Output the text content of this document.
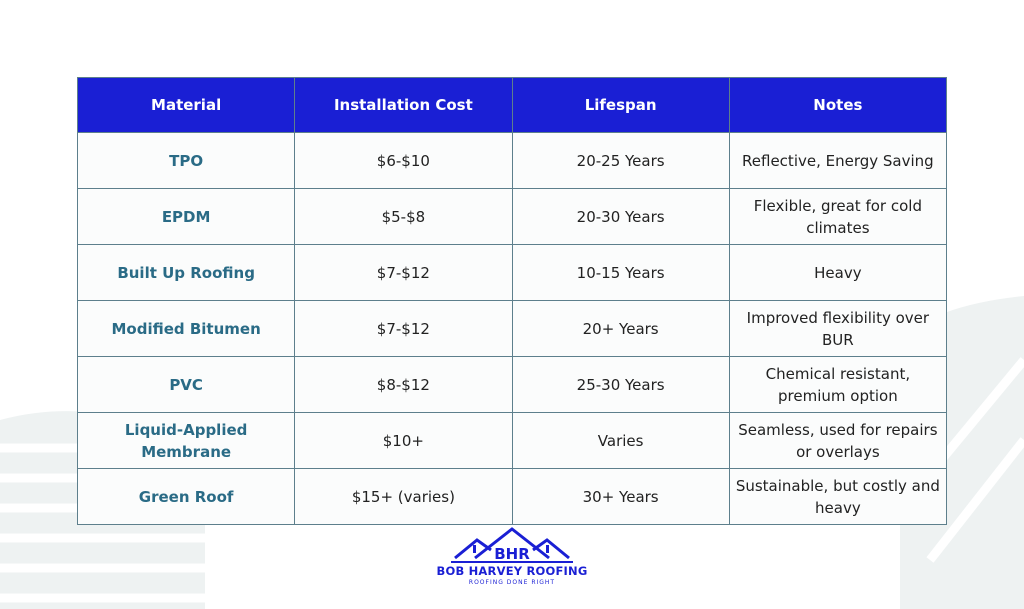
Material	Installation Cost	Lifespan	Notes
TPO	$6-$10	20-25 Years	Reflective, Energy Saving
EPDM	$5-$8	20-30 Years	Flexible, great for cold climates
Built Up Roofing	$7-$12	10-15 Years	Heavy
Modified Bitumen	$7-$12	20+ Years	Improved flexibility over BUR
PVC	$8-$12	25-30 Years	Chemical resistant, premium option
Liquid-Applied Membrane	$10+	Varies	Seamless, used for repairs or overlays
Green Roof	$15+ (varies)	30+ Years	Sustainable, but costly and heavy
BHR
BOB HARVEY ROOFING
ROOFING DONE RIGHT
